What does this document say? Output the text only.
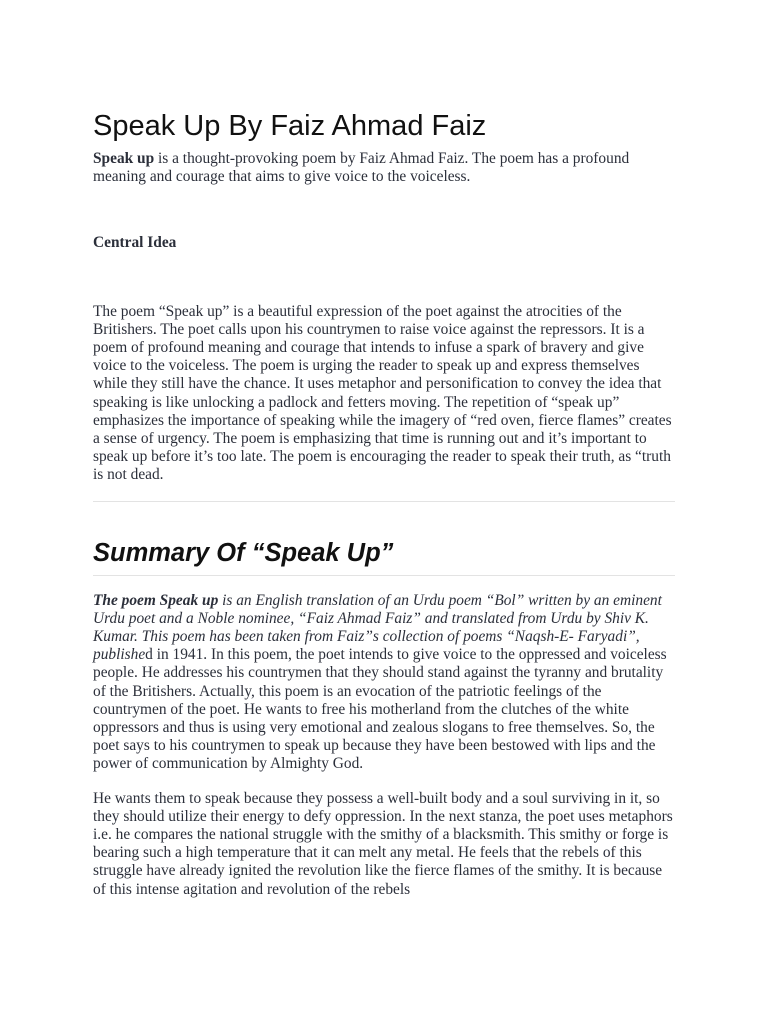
Speak Up By Faiz Ahmad Faiz

Speak up is a thought-provoking poem by Faiz Ahmad Faiz. The poem has a profound meaning and courage that aims to give voice to the voiceless.

Central Idea

The poem “Speak up” is a beautiful expression of the poet against the atrocities of the Britishers. The poet calls upon his countrymen to raise voice against the repressors. It is a poem of profound meaning and courage that intends to infuse a spark of bravery and give voice to the voiceless. The poem is urging the reader to speak up and express themselves while they still have the chance. It uses metaphor and personification to convey the idea that speaking is like unlocking a padlock and fetters moving. The repetition of “speak up” emphasizes the importance of speaking while the imagery of “red oven, fierce flames” creates a sense of urgency. The poem is emphasizing that time is running out and it’s important to speak up before it’s too late. The poem is encouraging the reader to speak their truth, as “truth is not dead.

Summary Of “Speak Up”

The poem Speak up is an English translation of an Urdu poem “Bol” written by an eminent Urdu poet and a Noble nominee, “Faiz Ahmad Faiz” and translated from Urdu by Shiv K. Kumar. This poem has been taken from Faiz”s collection of poems “Naqsh-E- Faryadi”, published in 1941. In this poem, the poet intends to give voice to the oppressed and voiceless people. He addresses his countrymen that they should stand against the tyranny and brutality of the Britishers. Actually, this poem is an evocation of the patriotic feelings of the countrymen of the poet. He wants to free his motherland from the clutches of the white oppressors and thus is using very emotional and zealous slogans to free themselves. So, the poet says to his countrymen to speak up because they have been bestowed with lips and the power of communication by Almighty God.

He wants them to speak because they possess a well-built body and a soul surviving in it, so they should utilize their energy to defy oppression. In the next stanza, the poet uses metaphors i.e. he compares the national struggle with the smithy of a blacksmith. This smithy or forge is bearing such a high temperature that it can melt any metal. He feels that the rebels of this struggle have already ignited the revolution like the fierce flames of the smithy. It is because of this intense agitation and revolution of the rebels
